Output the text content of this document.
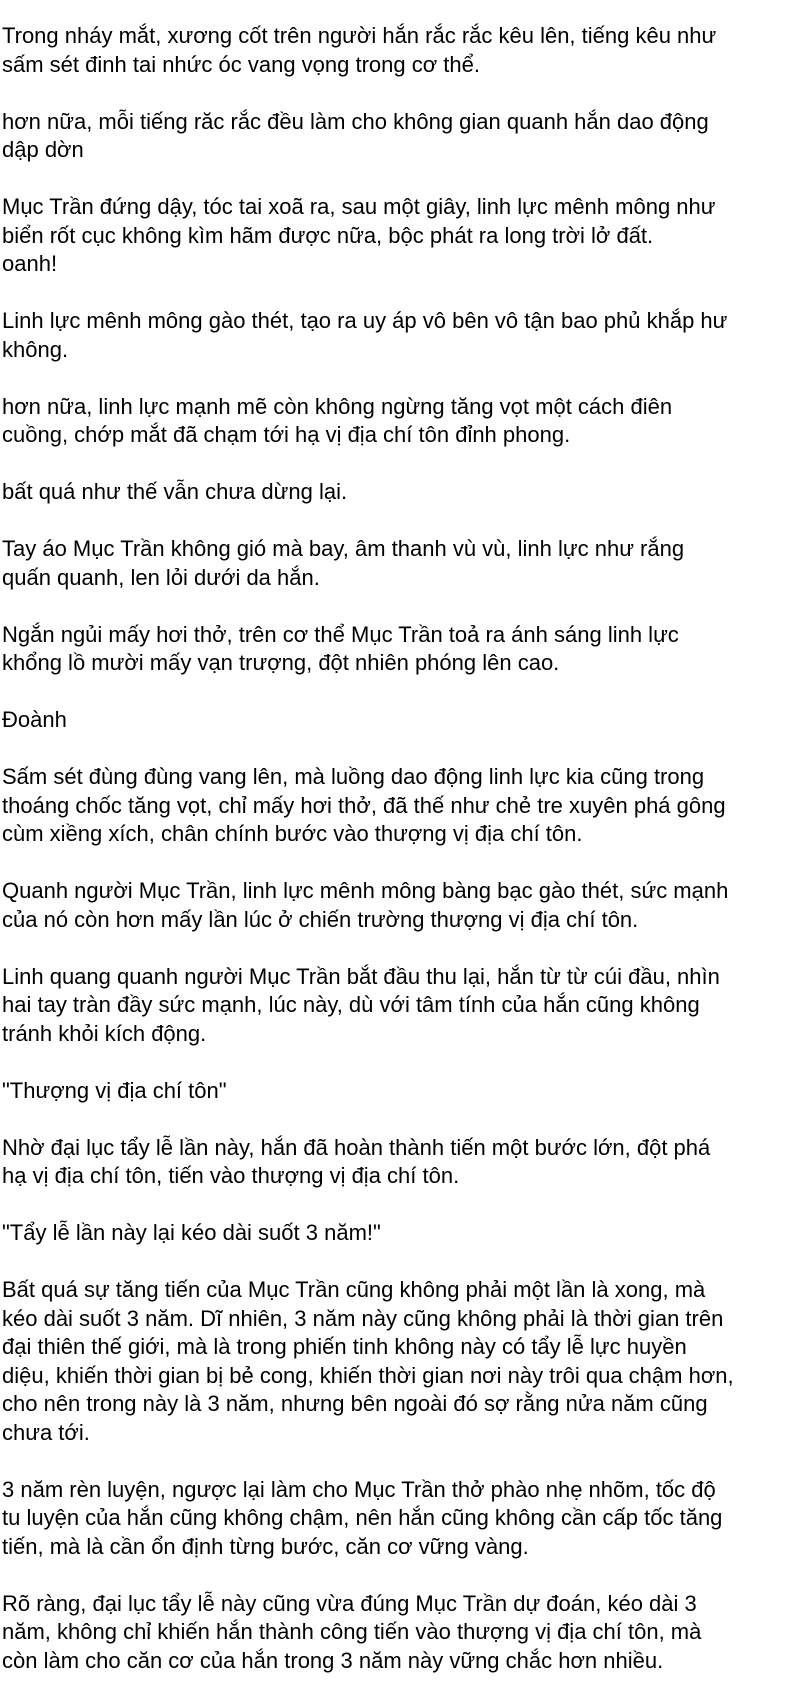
Trong nháy mắt, xương cốt trên người hắn rắc rắc kêu lên, tiếng kêu như
sấm sét đinh tai nhức óc vang vọng trong cơ thể.

hơn nữa, mỗi tiếng răc rắc đều làm cho không gian quanh hắn dao động
dập dờn

Mục Trần đứng dậy, tóc tai xoã ra, sau một giây, linh lực mênh mông như
biển rốt cục không kìm hãm được nữa, bộc phát ra long trời lở đất.
oanh!

Linh lực mênh mông gào thét, tạo ra uy áp vô bên vô tận bao phủ khắp hư
không.

hơn nữa, linh lực mạnh mẽ còn không ngừng tăng vọt một cách điên
cuồng, chớp mắt đã chạm tới hạ vị địa chí tôn đỉnh phong.

bất quá như thế vẫn chưa dừng lại.

Tay áo Mục Trần không gió mà bay, âm thanh vù vù, linh lực như rắng
quấn quanh, len lỏi dưới da hắn.

Ngắn ngủi mấy hơi thở, trên cơ thể Mục Trần toả ra ánh sáng linh lực
khổng lồ mười mấy vạn trượng, đột nhiên phóng lên cao.

Đoành

Sấm sét đùng đùng vang lên, mà luồng dao động linh lực kia cũng trong
thoáng chốc tăng vọt, chỉ mấy hơi thở, đã thế như chẻ tre xuyên phá gông
cùm xiềng xích, chân chính bước vào thượng vị địa chí tôn.

Quanh người Mục Trần, linh lực mênh mông bàng bạc gào thét, sức mạnh
của nó còn hơn mấy lần lúc ở chiến trường thượng vị địa chí tôn.

Linh quang quanh người Mục Trần bắt đầu thu lại, hắn từ từ cúi đầu, nhìn
hai tay tràn đầy sức mạnh, lúc này, dù với tâm tính của hắn cũng không
tránh khỏi kích động.

"Thượng vị địa chí tôn"

Nhờ đại lục tẩy lễ lần này, hắn đã hoàn thành tiến một bước lớn, đột phá
hạ vị địa chí tôn, tiến vào thượng vị địa chí tôn.

"Tẩy lễ lần này lại kéo dài suốt 3 năm!"

Bất quá sự tăng tiến của Mục Trần cũng không phải một lần là xong, mà
kéo dài suốt 3 năm. Dĩ nhiên, 3 năm này cũng không phải là thời gian trên
đại thiên thế giới, mà là trong phiến tinh không này có tẩy lễ lực huyền
diệu, khiến thời gian bị bẻ cong, khiến thời gian nơi này trôi qua chậm hơn,
cho nên trong này là 3 năm, nhưng bên ngoài đó sợ rằng nửa năm cũng
chưa tới.

3 năm rèn luyện, ngược lại làm cho Mục Trần thở phào nhẹ nhõm, tốc độ
tu luyện của hắn cũng không chậm, nên hắn cũng không cần cấp tốc tăng
tiến, mà là cần ổn định từng bước, căn cơ vững vàng.

Rõ ràng, đại lục tẩy lễ này cũng vừa đúng Mục Trần dự đoán, kéo dài 3
năm, không chỉ khiến hắn thành công tiến vào thượng vị địa chí tôn, mà
còn làm cho căn cơ của hắn trong 3 năm này vững chắc hơn nhiều.
